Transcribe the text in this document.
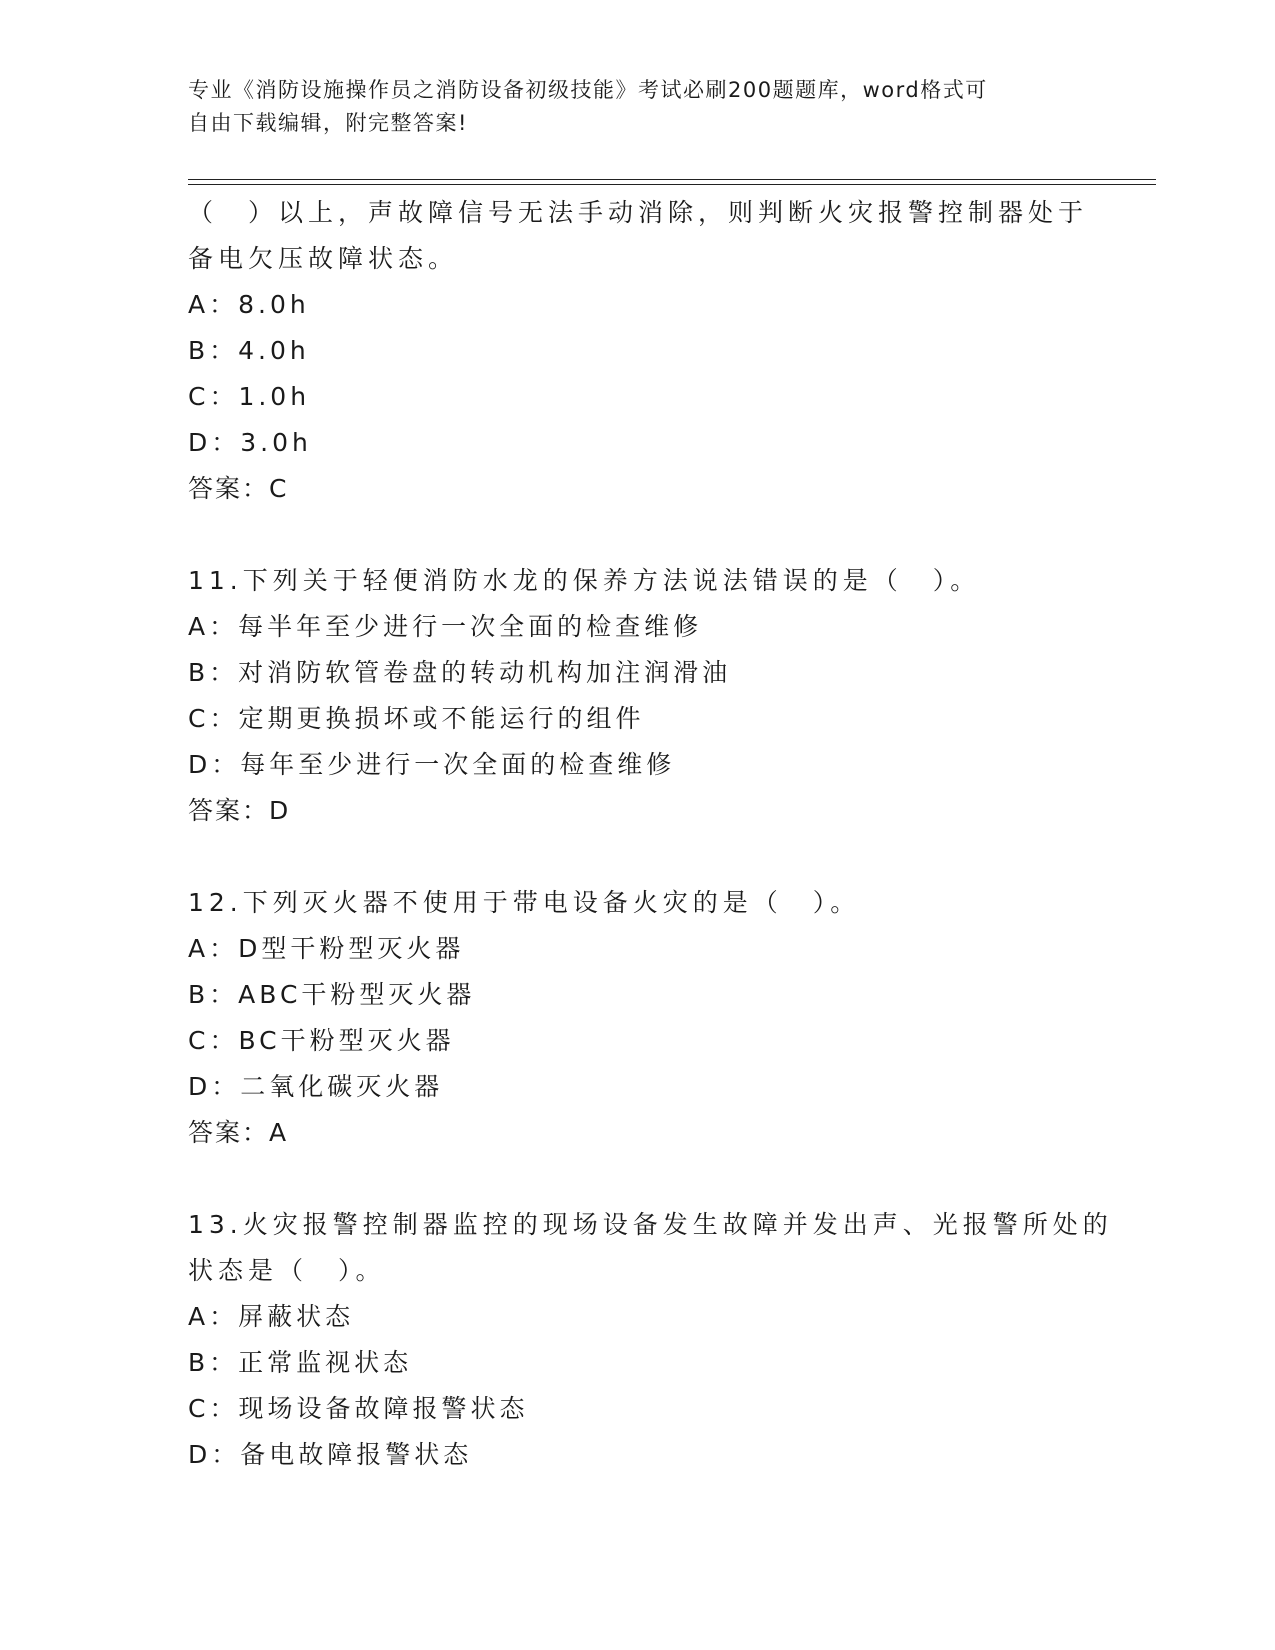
专业《消防设施操作员之消防设备初级技能》考试必刷200题题库，word格式可
自由下载编辑，附完整答案!
（　）以上，声故障信号无法手动消除，则判断火灾报警控制器处于
备电欠压故障状态。
A：8.0h
B：4.0h
C：1.0h
D：3.0h
答案：C
11.下列关于轻便消防水龙的保养方法说法错误的是（　）。
A：每半年至少进行一次全面的检查维修
B：对消防软管卷盘的转动机构加注润滑油
C：定期更换损坏或不能运行的组件
D：每年至少进行一次全面的检查维修
答案：D
12.下列灭火器不使用于带电设备火灾的是（　）。
A：D型干粉型灭火器
B：ABC干粉型灭火器
C：BC干粉型灭火器
D：二氧化碳灭火器
答案：A
13.火灾报警控制器监控的现场设备发生故障并发出声、光报警所处的
状态是（　）。
A：屏蔽状态
B：正常监视状态
C：现场设备故障报警状态
D：备电故障报警状态
